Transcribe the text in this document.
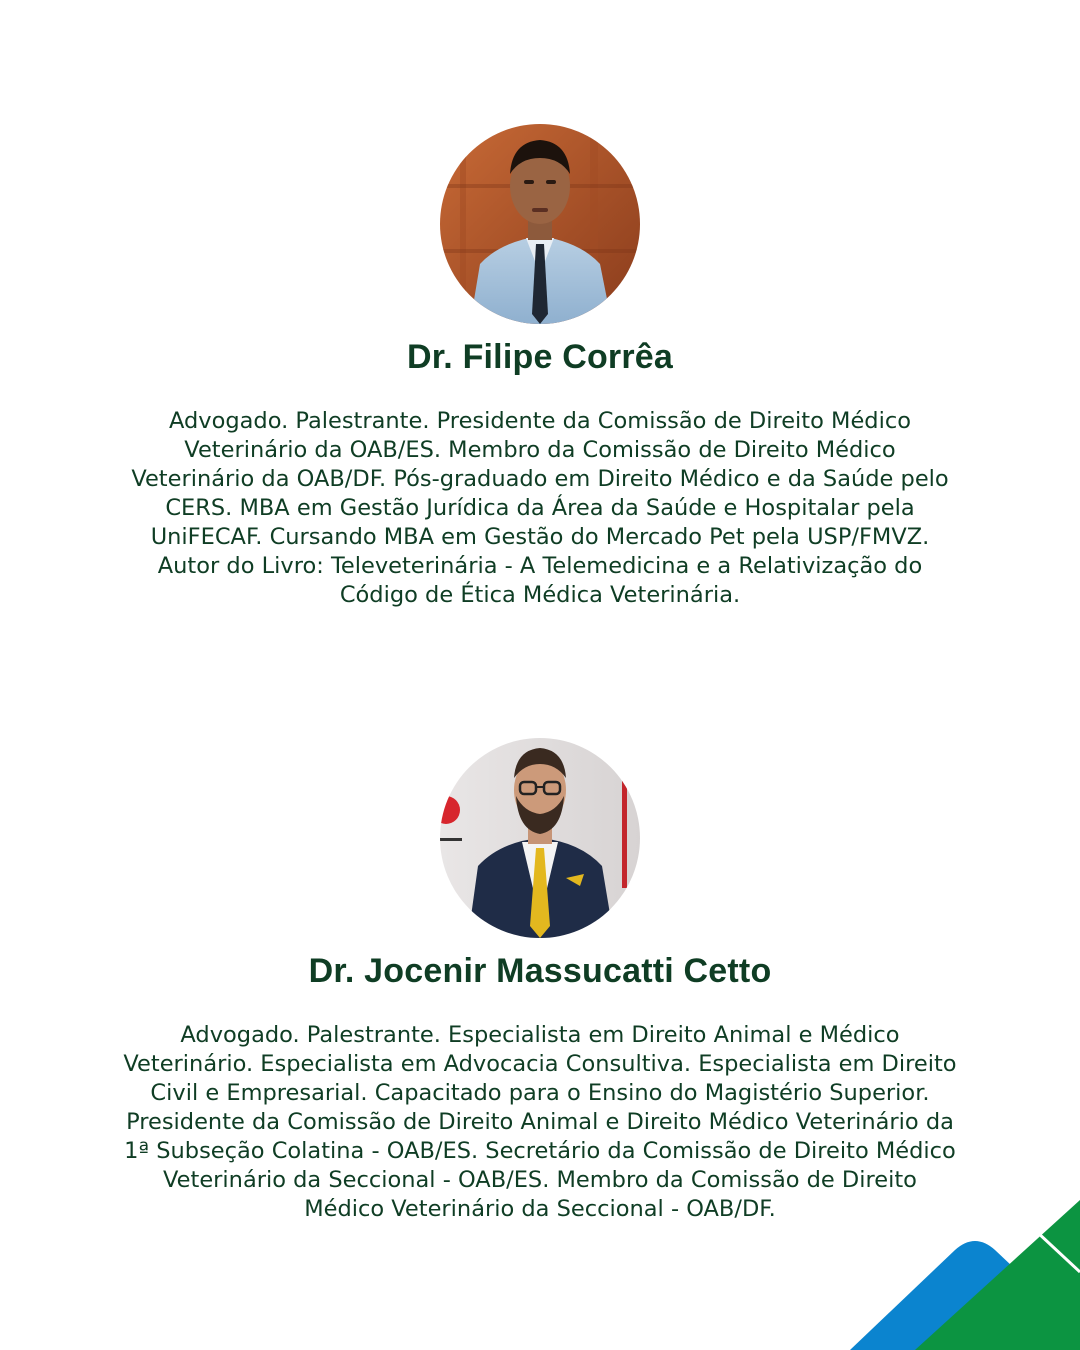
Dr. Filipe Corrêa

Advogado. Palestrante. Presidente da Comissão de Direito Médico
Veterinário da OAB/ES. Membro da Comissão de Direito Médico
Veterinário da OAB/DF. Pós-graduado em Direito Médico e da Saúde pelo
CERS. MBA em Gestão Jurídica da Área da Saúde e Hospitalar pela
UniFECAF. Cursando MBA em Gestão do Mercado Pet pela USP/FMVZ.
Autor do Livro: Televeterinária - A Telemedicina e a Relativização do
Código de Ética Médica Veterinária.

Dr. Jocenir Massucatti Cetto

Advogado. Palestrante. Especialista em Direito Animal e Médico
Veterinário. Especialista em Advocacia Consultiva. Especialista em Direito
Civil e Empresarial. Capacitado para o Ensino do Magistério Superior.
Presidente da Comissão de Direito Animal e Direito Médico Veterinário da
1ª Subseção Colatina - OAB/ES. Secretário da Comissão de Direito Médico
Veterinário da Seccional - OAB/ES. Membro da Comissão de Direito
Médico Veterinário da Seccional - OAB/DF.
